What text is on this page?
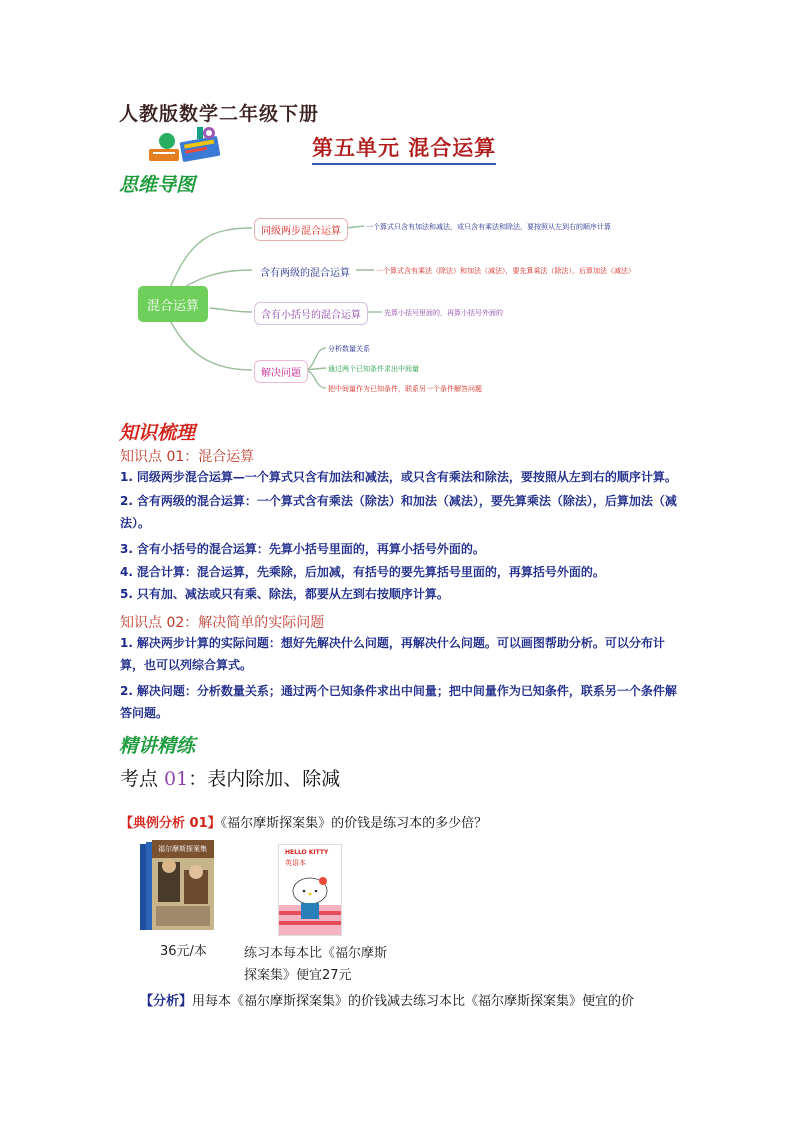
人教版数学二年级下册
第五单元 混合运算
思维导图
混合运算
同级两步混合运算	一个算式只含有加法和减法，或只含有乘法和除法，要按照从左到右的顺序计算
含有两级的混合运算	一个算式含有乘法（除法）和加法（减法），要先算乘法（除法），后算加法（减法）
含有小括号的混合运算	先算小括号里面的，再算小括号外面的
解决问题
分析数量关系
通过两个已知条件求出中间量
把中间量作为已知条件，联系另一个条件解答问题
知识梳理
知识点 01：混合运算
1. 同级两步混合运算—一个算式只含有加法和减法，或只含有乘法和除法，要按照从左到右的顺序计算。
2. 含有两级的混合运算：一个算式含有乘法（除法）和加法（减法），要先算乘法（除法），后算加法（减法）。
3. 含有小括号的混合运算：先算小括号里面的，再算小括号外面的。
4. 混合计算：混合运算，先乘除，后加减，有括号的要先算括号里面的，再算括号外面的。
5. 只有加、减法或只有乘、除法，都要从左到右按顺序计算。
知识点 02：解决简单的实际问题
1. 解决两步计算的实际问题：想好先解决什么问题，再解决什么问题。可以画图帮助分析。可以分布计算，也可以列综合算式。
2. 解决问题：分析数量关系；通过两个已知条件求出中间量；把中间量作为已知条件，联系另一个条件解答问题。
精讲精练
考点 01：表内除加、除减
【典例分析 01】《福尔摩斯探案集》的价钱是练习本的多少倍？
福尔摩斯探案集
36元/本
HELLO KITTY
英语本
练习本每本比《福尔摩斯
探案集》便宜27元
【分析】用每本《福尔摩斯探案集》的价钱减去练习本比《福尔摩斯探案集》便宜的价
